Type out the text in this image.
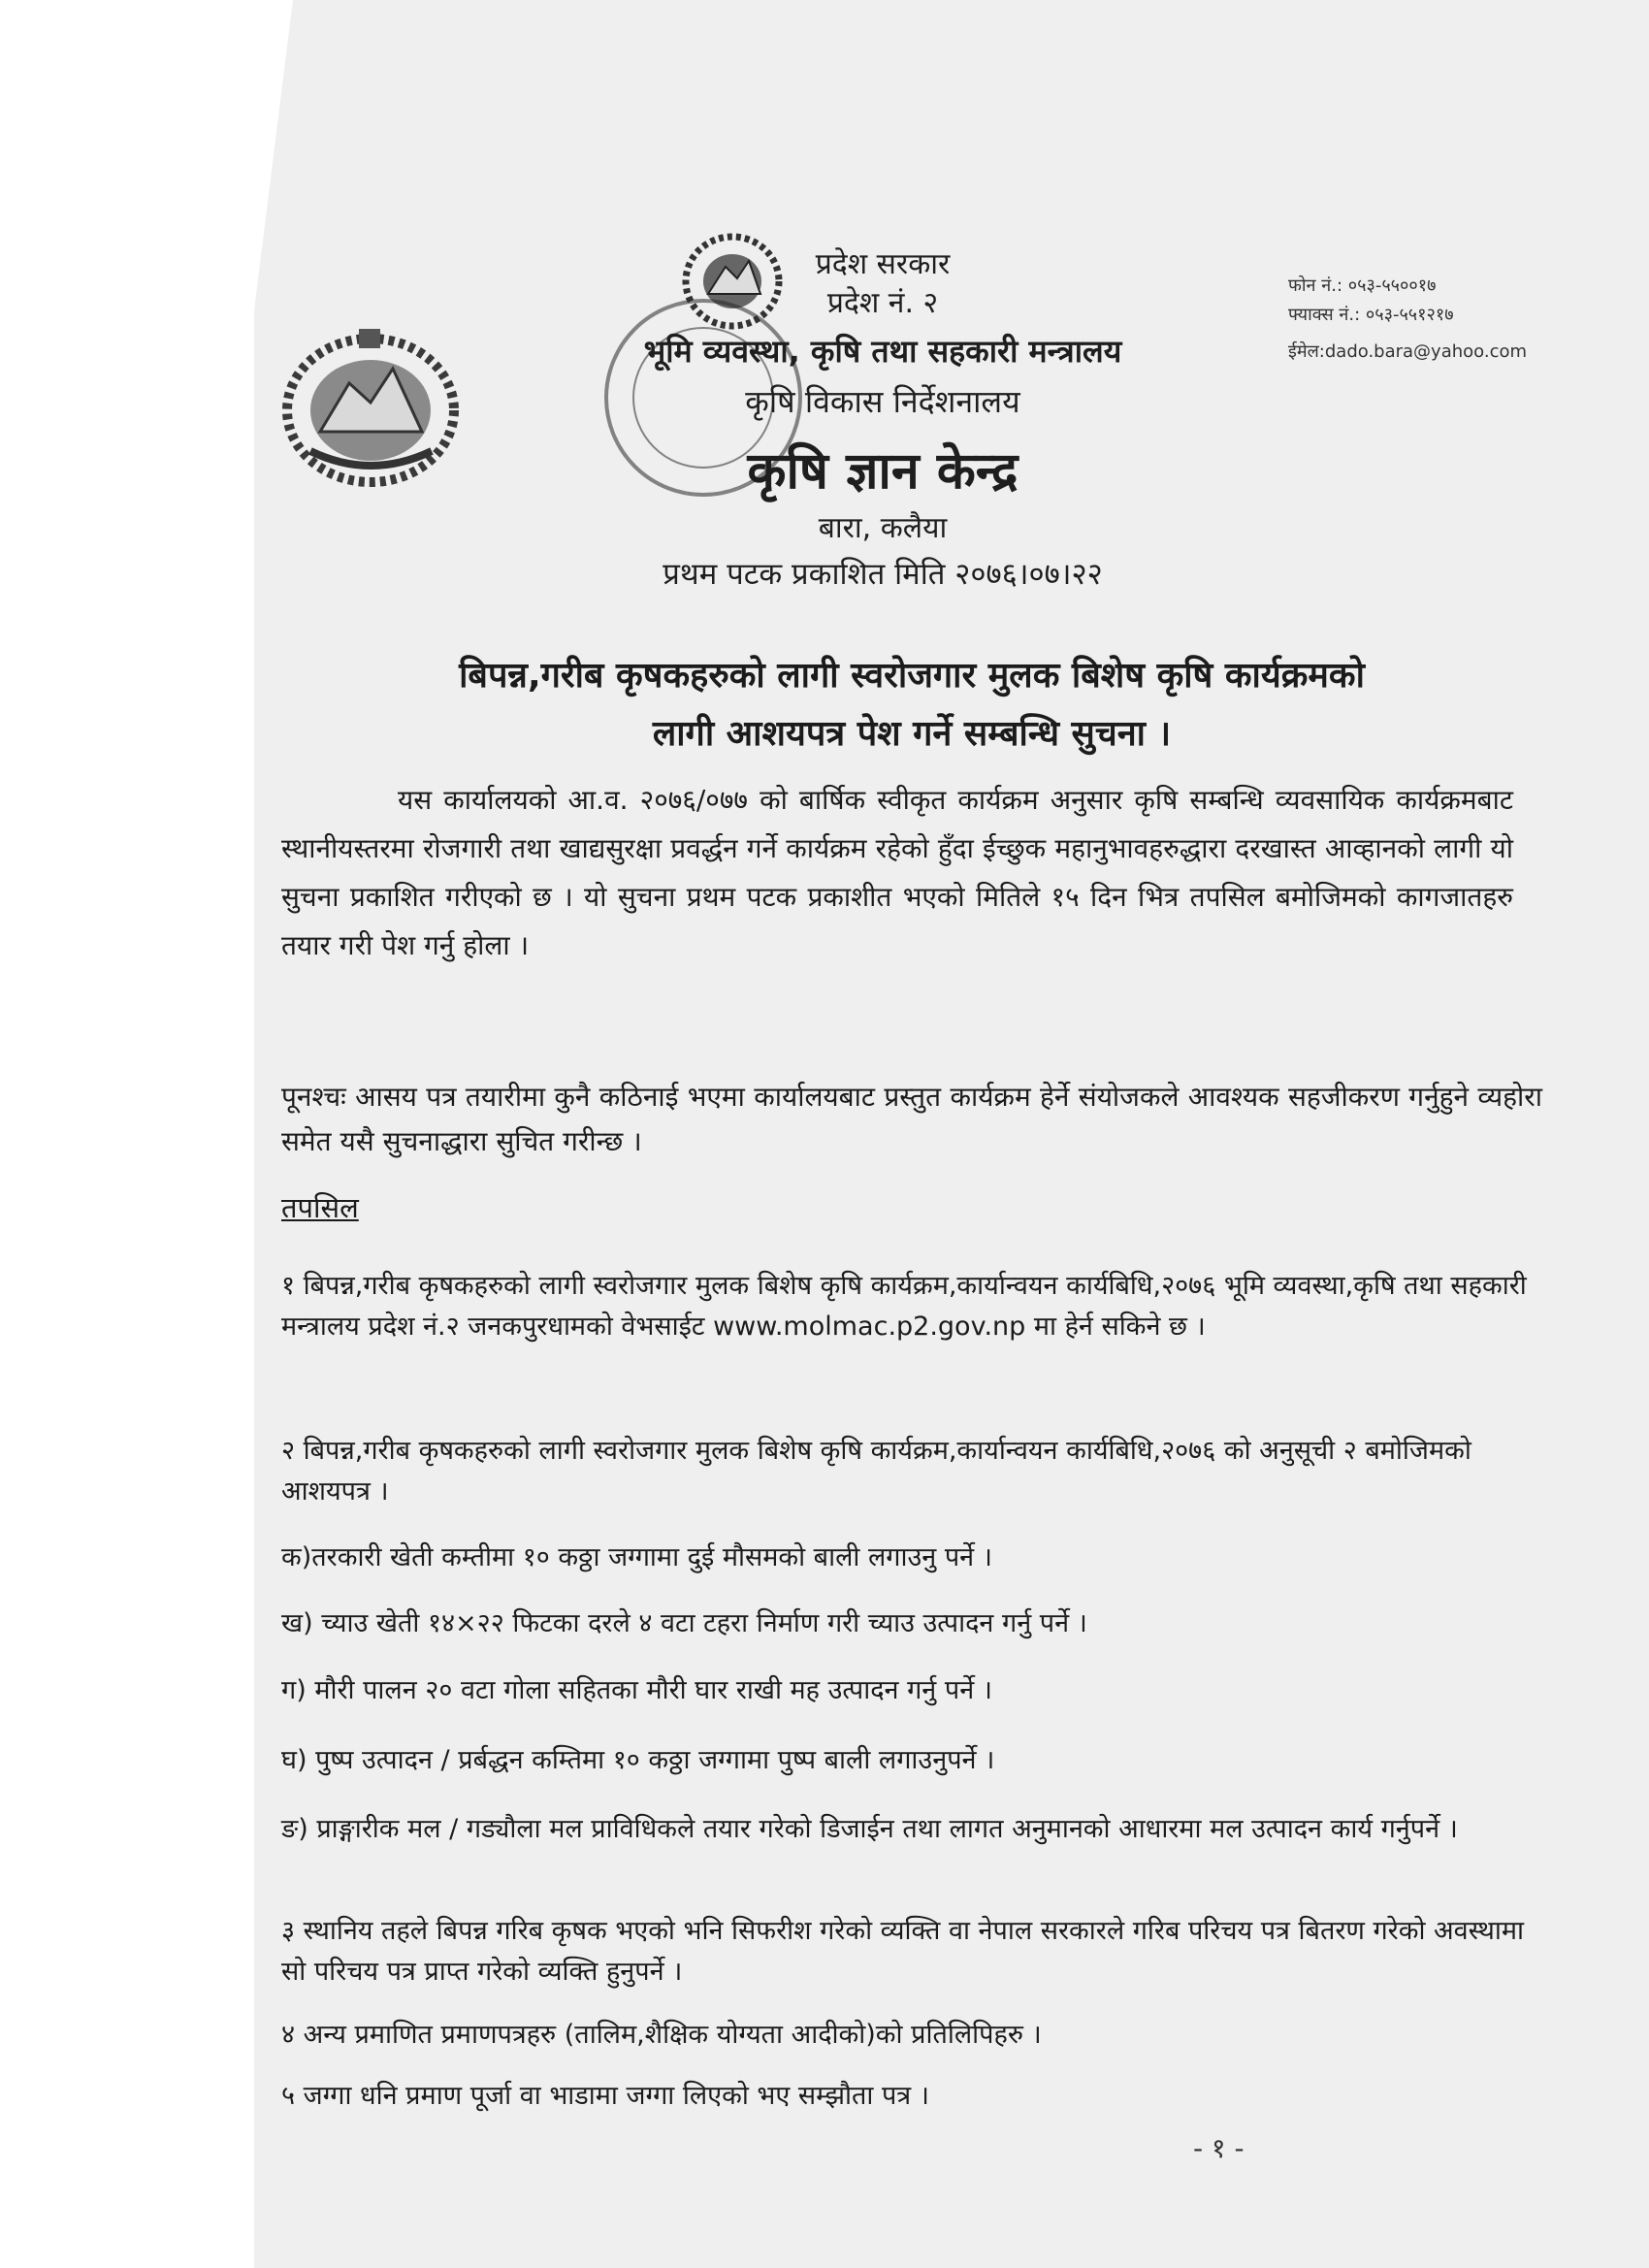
प्रदेश सरकार
प्रदेश नं. २
भूमि व्यवस्था, कृषि तथा सहकारी मन्त्रालय
कृषि विकास निर्देशनालय
कृषि ज्ञान केन्द्र
बारा, कलैया
प्रथम पटक प्रकाशित मिति २०७६।०७।२२
फोन नं.: ०५३-५५००१७
फ्याक्स नं.: ०५३-५५१२१७
ईमेल:dado.bara@yahoo.com
बिपन्न,गरीब कृषकहरुको लागी स्वरोजगार मुलक बिशेष कृषि कार्यक्रमको
लागी आशयपत्र पेश गर्ने सम्बन्धि सुचना ।
यस कार्यालयको आ.व. २०७६/०७७ को बार्षिक स्वीकृत कार्यक्रम अनुसार कृषि सम्बन्धि व्यवसायिक कार्यक्रमबाट स्थानीयस्तरमा रोजगारी तथा खाद्यसुरक्षा प्रवर्द्धन गर्ने कार्यक्रम रहेको हुँदा ईच्छुक महानुभावहरुद्धारा दरखास्त आव्हानको लागी यो सुचना प्रकाशित गरीएको छ । यो सुचना प्रथम पटक प्रकाशीत भएको मितिले १५ दिन भित्र तपसिल बमोजिमको कागजातहरु तयार गरी पेश गर्नु होला ।
पूनश्चः आसय पत्र तयारीमा कुनै कठिनाई भएमा कार्यालयबाट प्रस्तुत कार्यक्रम हेर्ने संयोजकले आवश्यक सहजीकरण गर्नुहुने व्यहोरा समेत यसै सुचनाद्धारा सुचित गरीन्छ ।
तपसिल
१ बिपन्न,गरीब कृषकहरुको लागी स्वरोजगार मुलक बिशेष कृषि कार्यक्रम,कार्यान्वयन कार्यबिधि,२०७६ भूमि व्यवस्था,कृषि तथा सहकारी मन्त्रालय प्रदेश नं.२ जनकपुरधामको वेभसाईट www.molmac.p2.gov.np मा हेर्न सकिने छ ।
२ बिपन्न,गरीब कृषकहरुको लागी स्वरोजगार मुलक बिशेष कृषि कार्यक्रम,कार्यान्वयन कार्यबिधि,२०७६ को अनुसूची २ बमोजिमको आशयपत्र ।
क)तरकारी खेती कम्तीमा १० कठ्ठा जग्गामा दुई मौसमको बाली लगाउनु पर्ने ।
ख) च्याउ खेती १४×२२ फिटका दरले ४ वटा टहरा निर्माण गरी च्याउ उत्पादन गर्नु पर्ने ।
ग) मौरी पालन २० वटा गोला सहितका मौरी घार राखी मह उत्पादन गर्नु पर्ने ।
घ) पुष्प उत्पादन / प्रर्बद्धन कम्तिमा १० कठ्ठा जग्गामा पुष्प बाली लगाउनुपर्ने ।
ङ) प्राङ्गारीक मल / गड्यौला मल प्राविधिकले तयार गरेको डिजाईन तथा लागत अनुमानको आधारमा मल उत्पादन कार्य गर्नुपर्ने ।
३ स्थानिय तहले बिपन्न गरिब कृषक भएको भनि सिफरीश गरेको व्यक्ति वा नेपाल सरकारले गरिब परिचय पत्र बितरण गरेको अवस्थामा सो परिचय पत्र प्राप्त गरेको व्यक्ति हुनुपर्ने ।
४ अन्य प्रमाणित प्रमाणपत्रहरु (तालिम,शैक्षिक योग्यता आदीको)को प्रतिलिपिहरु ।
५ जग्गा धनि प्रमाण पूर्जा वा भाडामा जग्गा लिएको भए सम्झौता पत्र ।
- १ -
